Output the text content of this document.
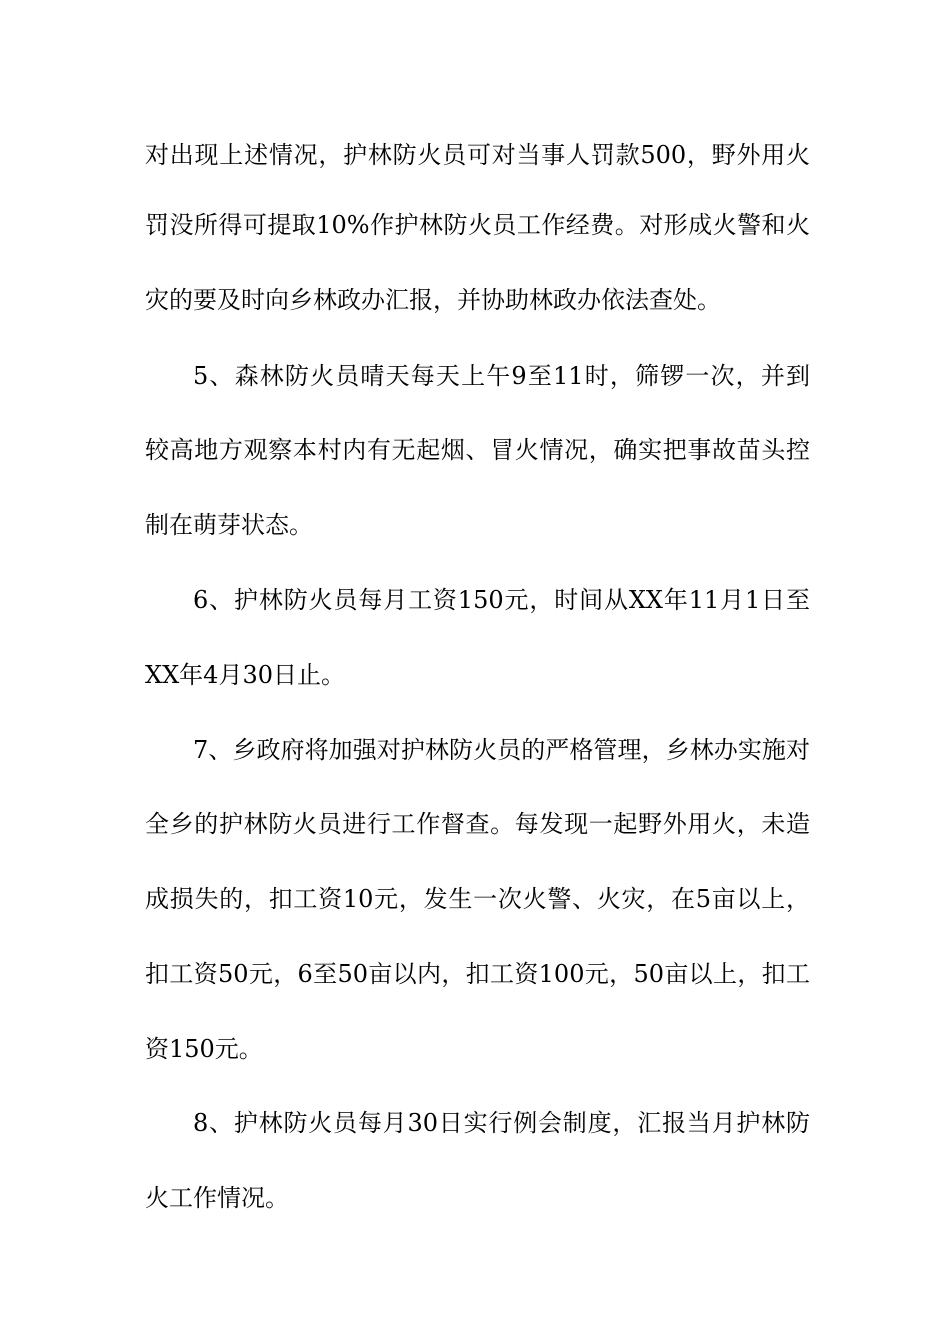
对出现上述情况，护林防火员可对当事人罚款500，野外用火
罚没所得可提取10%作护林防火员工作经费。对形成火警和火
灾的要及时向乡林政办汇报，并协助林政办依法查处。
5、森林防火员晴天每天上午9至11时，筛锣一次，并到
较高地方观察本村内有无起烟、冒火情况，确实把事故苗头控
制在萌芽状态。
6、护林防火员每月工资150元，时间从XX年11月1日至
XX年4月30日止。
7、乡政府将加强对护林防火员的严格管理，乡林办实施对
全乡的护林防火员进行工作督查。每发现一起野外用火，未造
成损失的，扣工资10元，发生一次火警、火灾，在5亩以上，
扣工资50元，6至50亩以内，扣工资100元，50亩以上，扣工
资150元。
8、护林防火员每月30日实行例会制度，汇报当月护林防
火工作情况。
